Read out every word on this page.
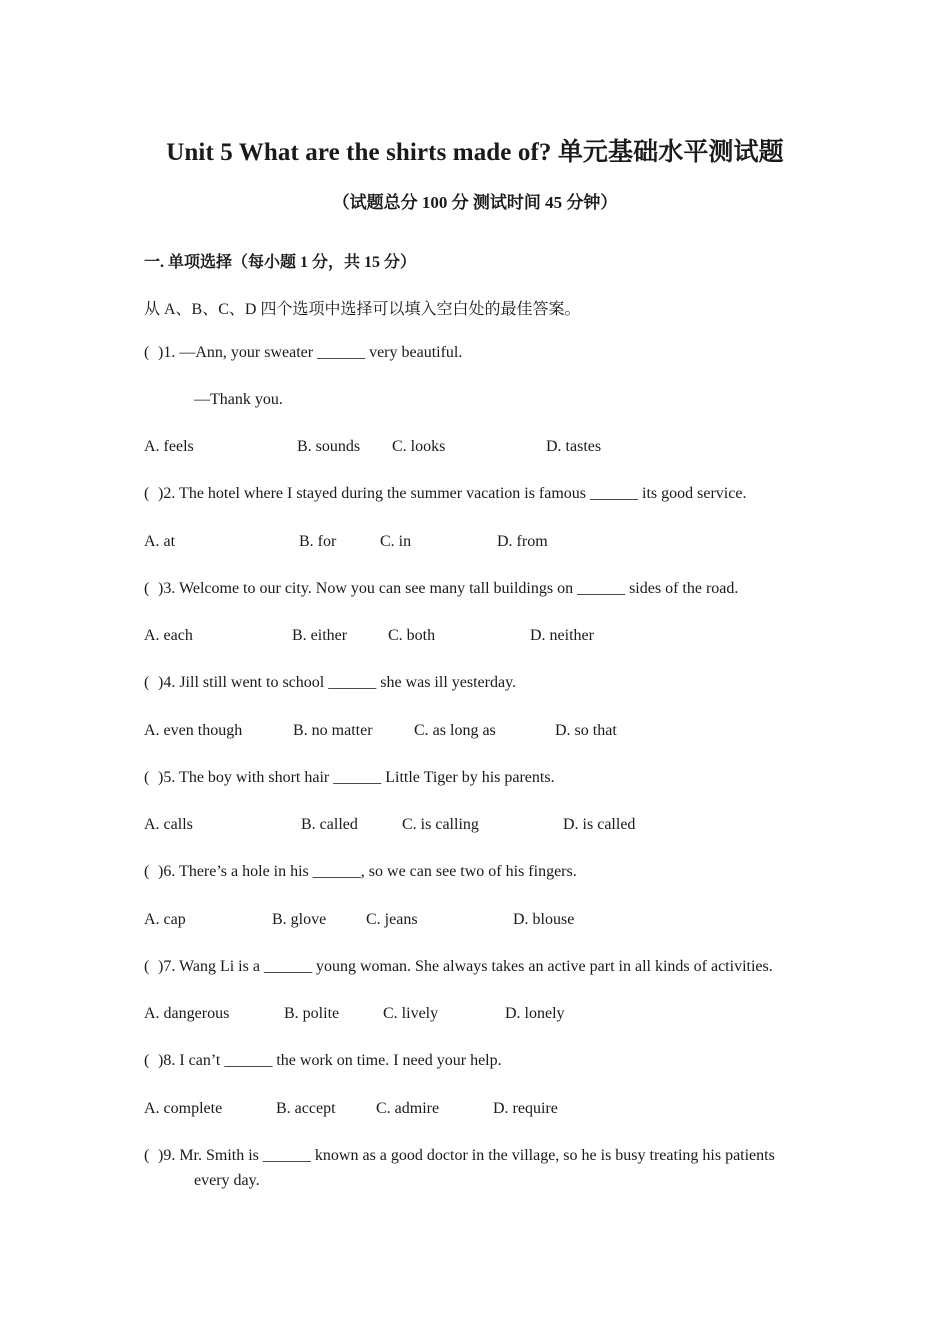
Unit 5 What are the shirts made of? 单元基础水平测试题
（试题总分 100 分 测试时间 45 分钟）
一. 单项选择（每小题 1 分，共 15 分）
从 A、B、C、D 四个选项中选择可以填入空白处的最佳答案。
( )1. —Ann, your sweater ______ very beautiful.
—Thank you.
A. feels	B. sounds C. looks	D. tastes
( )2. The hotel where I stayed during the summer vacation is famous ______ its good service.
A. at	B. for	C. in	D. from
( )3. Welcome to our city. Now you can see many tall buildings on ______ sides of the road.
A. each	B. either	C. both	D. neither
( )4. Jill still went to school ______ she was ill yesterday.
A. even though	B. no matter	C. as long as	D. so that
( )5. The boy with short hair ______ Little Tiger by his parents.
A. calls	B. called	C. is calling	D. is called
( )6. There’s a hole in his ______, so we can see two of his fingers.
A. cap	B. glove C. jeans	D. blouse
( )7. Wang Li is a ______ young woman. She always takes an active part in all kinds of activities.
A. dangerous	B. polite	C. lively	D. lonely
( )8. I can’t ______ the work on time. I need your help.
A. complete	B. accept	C. admire	D. require
( )9. Mr. Smith is ______ known as a good doctor in the village, so he is busy treating his patients
every day.
